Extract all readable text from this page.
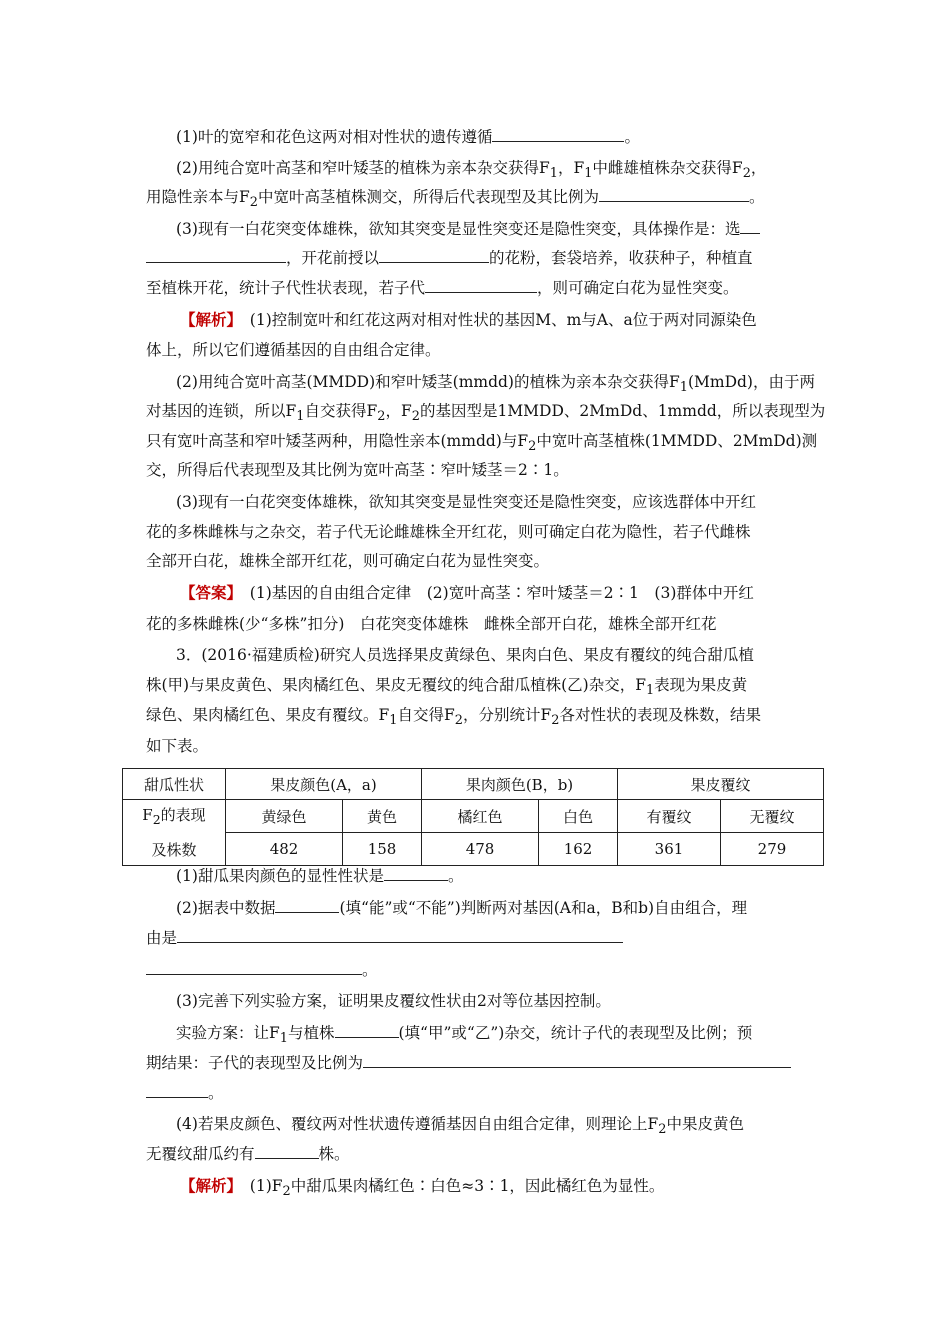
(1)叶的宽窄和花色这两对相对性状的遗传遵循	。
(2)用纯合宽叶高茎和窄叶矮茎的植株为亲本杂交获得$F_1$，$F_1$中雌雄植株杂交获得$F_2$，
用隐性亲本与$F_2$中宽叶高茎植株测交，所得后代表现型及其比例为	。
(3)现有一白花突变体雄株，欲知其突变是显性突变还是隐性突变，具体操作是：选
，开花前授以	的花粉，套袋培养，收获种子，种植直
至植株开花，统计子代性状表现，若子代	，则可确定白花为显性突变。
【解析】　 (1)控制宽叶和红花这两对相对性状的基因M、m与A、a位于两对同源染色
体上，所以它们遵循基因的自由组合定律。
(2)用纯合宽叶高茎(MMDD)和窄叶矮茎(mmdd)的植株为亲本杂交获得$F_1(MmDd)$，由于两
对基因的连锁，所以$F_1$自交获得$F_2$，$F_2$的基因型是1MMDD、2MmDd、1mmdd，所以表现型为
只有宽叶高茎和窄叶矮茎两种，用隐性亲本(mmdd)与$F_2$中宽叶高茎植株(1MMDD、2MmDd)测
交，所得后代表现型及其比例为宽叶高茎∶窄叶矮茎＝2∶1。
(3)现有一白花突变体雄株，欲知其突变是显性突变还是隐性突变，应该选群体中开红
花的多株雌株与之杂交，若子代无论雌雄株全开红花，则可确定白花为隐性，若子代雌株
全部开白花，雄株全部开红花，则可确定白花为显性突变。
【答案】　 (1)基因的自由组合定律　(2)宽叶高茎∶窄叶矮茎＝2∶1　(3)群体中开红
花的多株雌株(少“多株”扣分)　白花突变体雄株　雌株全部开白花，雄株全部开红花
3．(2016·福建质检)研究人员选择果皮黄绿色、果肉白色、果皮有覆纹的纯合甜瓜植
株(甲)与果皮黄色、果肉橘红色、果皮无覆纹的纯合甜瓜植株(乙)杂交，$F_1$表现为果皮黄
绿色、果肉橘红色、果皮有覆纹。$F_1$自交得$F_2$，分别统计$F_2$各对性状的表现及株数，结果
如下表。
甜瓜性状	果皮颜色(A，a)		果肉颜色(B，b)		果皮覆纹	
$F_2$的表现
及株数	黄绿色	黄色	橘红色	白色	有覆纹	无覆纹
	482	158	478	162	361	279
(1)甜瓜果肉颜色的显性性状是	。
(2)据表中数据	(填“能”或“不能”)判断两对基因(A和a，B和b)自由组合，理
由是
。
(3)完善下列实验方案，证明果皮覆纹性状由2对等位基因控制。
实验方案：让$F_1$与植株	(填“甲”或“乙”)杂交，统计子代的表现型及比例；预
期结果：子代的表现型及比例为
。
(4)若果皮颜色、覆纹两对性状遗传遵循基因自由组合定律，则理论上$F_2$中果皮黄色
无覆纹甜瓜约有	株。
【解析】　 $(1)F_2$中甜瓜果肉橘红色∶白色≈3∶1，因此橘红色为显性。
